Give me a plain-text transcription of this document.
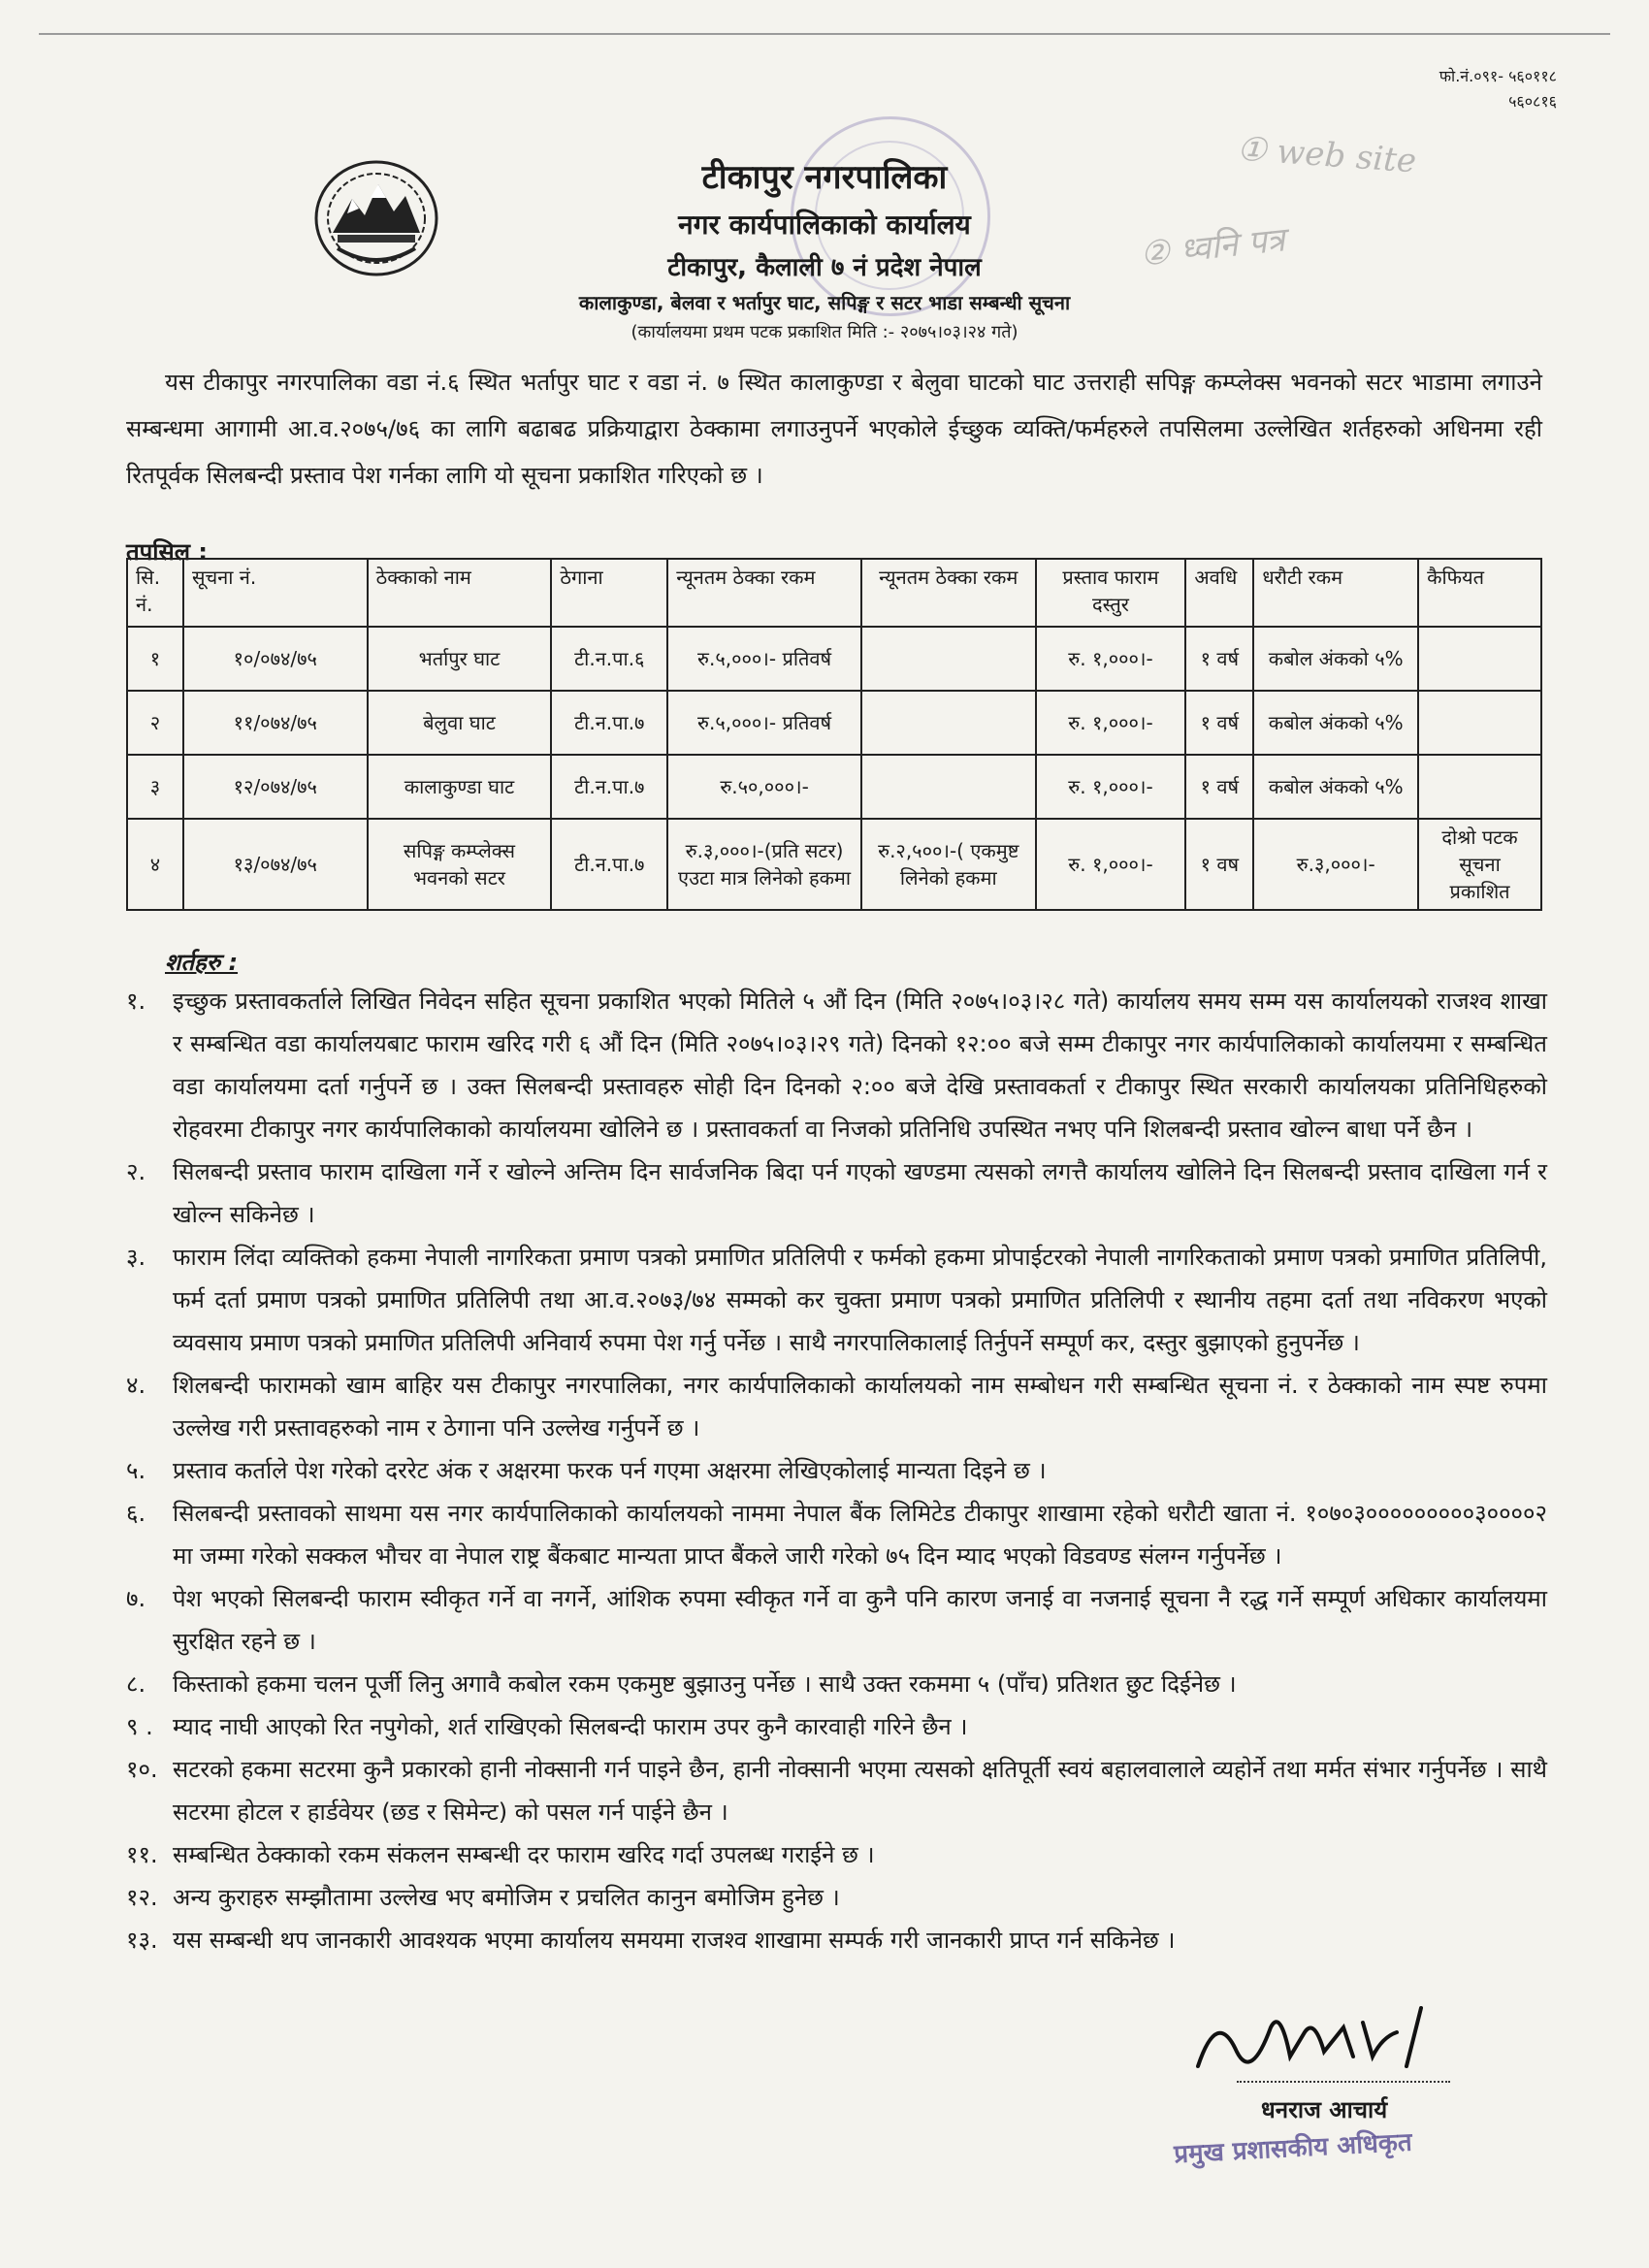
फो.नं.०९१- ५६०११८
५६०८१६
① web site
② ध्वनि पत्र
टीकापुर नगरपालिका
नगर कार्यपालिकाको कार्यालय
टीकापुर, कैलाली ७ नं प्रदेश नेपाल
कालाकुण्डा, बेलवा र भर्तापुर घाट, सपिङ्ग र सटर भाडा सम्बन्धी सूचना
(कार्यालयमा प्रथम पटक प्रकाशित मिति :- २०७५।०३।२४ गते)
यस टीकापुर नगरपालिका वडा नं.६ स्थित भर्तापुर घाट र वडा नं. ७ स्थित कालाकुण्डा र बेलुवा घाटको घाट उत्तराही सपिङ्ग कम्प्लेक्स भवनको सटर भाडामा लगाउने सम्बन्धमा आगामी आ.व.२०७५/७६ का लागि बढाबढ प्रक्रियाद्वारा ठेक्कामा लगाउनुपर्ने भएकोले ईच्छुक व्यक्ति/फर्महरुले तपसिलमा उल्लेखित शर्तहरुको अधिनमा रही रितपूर्वक सिलबन्दी प्रस्ताव पेश गर्नका लागि यो सूचना प्रकाशित गरिएको छ ।
तपसिल :
सि. नं.	सूचना नं.	ठेक्काको नाम	ठेगाना	न्यूनतम ठेक्का रकम	न्यूनतम ठेक्का रकम	प्रस्ताव फाराम दस्तुर	अवधि	धरौटी रकम	कैफियत
१	१०/०७४/७५	भर्तापुर घाट	टी.न.पा.६	रु.५,०००।- प्रतिवर्ष		रु. १,०००।-	१ वर्ष	कबोल अंकको ५%	
२	११/०७४/७५	बेलुवा घाट	टी.न.पा.७	रु.५,०००।- प्रतिवर्ष		रु. १,०००।-	१ वर्ष	कबोल अंकको ५%	
३	१२/०७४/७५	कालाकुण्डा घाट	टी.न.पा.७	रु.५०,०००।-		रु. १,०००।-	१ वर्ष	कबोल अंकको ५%	
४	१३/०७४/७५	सपिङ्ग कम्प्लेक्स भवनको सटर	टी.न.पा.७	रु.३,०००।-(प्रति सटर) एउटा मात्र लिनेको हकमा	रु.२,५००।-( एकमुष्ट लिनेको हकमा	रु. १,०००।-	१ वष	रु.३,०००।-	दोश्रो पटक सूचना प्रकाशित
शर्तहरु :
१.	इच्छुक प्रस्तावकर्ताले लिखित निवेदन सहित सूचना प्रकाशित भएको मितिले ५ औं दिन (मिति २०७५।०३।२८ गते) कार्यालय समय सम्म यस कार्यालयको राजश्व शाखा र सम्बन्धित वडा कार्यालयबाट फाराम खरिद गरी ६ औं दिन (मिति २०७५।०३।२९ गते) दिनको १२:०० बजे सम्म टीकापुर नगर कार्यपालिकाको कार्यालयमा र सम्बन्धित वडा कार्यालयमा दर्ता गर्नुपर्ने छ । उक्त सिलबन्दी प्रस्तावहरु सोही दिन दिनको २:०० बजे देखि प्रस्तावकर्ता र टीकापुर स्थित सरकारी कार्यालयका प्रतिनिधिहरुको रोहवरमा टीकापुर नगर कार्यपालिकाको कार्यालयमा खोलिने छ । प्रस्तावकर्ता वा निजको प्रतिनिधि उपस्थित नभए पनि शिलबन्दी प्रस्ताव खोल्न बाधा पर्ने छैन ।
२.	सिलबन्दी प्रस्ताव फाराम दाखिला गर्ने र खोल्ने अन्तिम दिन सार्वजनिक बिदा पर्न गएको खण्डमा त्यसको लगत्तै कार्यालय खोलिने दिन सिलबन्दी प्रस्ताव दाखिला गर्न र खोल्न सकिनेछ ।
३.	फाराम लिंदा व्यक्तिको हकमा नेपाली नागरिकता प्रमाण पत्रको प्रमाणित प्रतिलिपी र फर्मको हकमा प्रोपाईटरको नेपाली नागरिकताको प्रमाण पत्रको प्रमाणित प्रतिलिपी, फर्म दर्ता प्रमाण पत्रको प्रमाणित प्रतिलिपी तथा आ.व.२०७३/७४ सम्मको कर चुक्ता प्रमाण पत्रको प्रमाणित प्रतिलिपी र स्थानीय तहमा दर्ता तथा नविकरण भएको व्यवसाय प्रमाण पत्रको प्रमाणित प्रतिलिपी अनिवार्य रुपमा पेश गर्नु पर्नेछ । साथै नगरपालिकालाई तिर्नुपर्ने सम्पूर्ण कर, दस्तुर बुझाएको हुनुपर्नेछ ।
४.	शिलबन्दी फारामको खाम बाहिर यस टीकापुर नगरपालिका, नगर कार्यपालिकाको कार्यालयको नाम सम्बोधन गरी सम्बन्धित सूचना नं. र ठेक्काको नाम स्पष्ट रुपमा उल्लेख गरी प्रस्तावहरुको नाम र ठेगाना पनि उल्लेख गर्नुपर्ने छ ।
५.	प्रस्ताव कर्ताले पेश गरेको दररेट अंक र अक्षरमा फरक पर्न गएमा अक्षरमा लेखिएकोलाई मान्यता दिइने छ ।
६.	सिलबन्दी प्रस्तावको साथमा यस नगर कार्यपालिकाको कार्यालयको नाममा नेपाल बैंक लिमिटेड टीकापुर शाखामा रहेको धरौटी खाता नं. १०७०३०००००००००३००००२ मा जम्मा गरेको सक्कल भौचर वा नेपाल राष्ट्र बैंकबाट मान्यता प्राप्त बैंकले जारी गरेको ७५ दिन म्याद भएको विडवण्ड संलग्न गर्नुपर्नेछ ।
७.	पेश भएको सिलबन्दी फाराम स्वीकृत गर्ने वा नगर्ने, आंशिक रुपमा स्वीकृत गर्ने वा कुनै पनि कारण जनाई वा नजनाई सूचना नै रद्ध गर्ने सम्पूर्ण अधिकार कार्यालयमा सुरक्षित रहने छ ।
८.	किस्ताको हकमा चलन पूर्जी लिनु अगावै कबोल रकम एकमुष्ट बुझाउनु पर्नेछ । साथै उक्त रकममा ५ (पाँच) प्रतिशत छुट दिईनेछ ।
९ . म्याद नाघी आएको रित नपुगेको, शर्त राखिएको सिलबन्दी फाराम उपर कुनै कारवाही गरिने छैन ।
१०. सटरको हकमा सटरमा कुनै प्रकारको हानी नोक्सानी गर्न पाइने छैन, हानी नोक्सानी भएमा त्यसको क्षतिपूर्ती स्वयं बहालवालाले व्यहोर्ने तथा मर्मत संभार गर्नुपर्नेछ । साथै सटरमा होटल र हार्डवेयर (छड र सिमेन्ट) को पसल गर्न पाईने छैन ।
११. सम्बन्धित ठेक्काको रकम संकलन सम्बन्धी दर फाराम खरिद गर्दा उपलब्ध गराईने छ ।
१२. अन्य कुराहरु सम्झौतामा उल्लेख भए बमोजिम र प्रचलित कानुन बमोजिम हुनेछ ।
१३. यस सम्बन्धी थप जानकारी आवश्यक भएमा कार्यालय समयमा राजश्व शाखामा सम्पर्क गरी जानकारी प्राप्त गर्न सकिनेछ ।
धनराज आचार्य
प्रमुख प्रशासकीय अधिकृत
